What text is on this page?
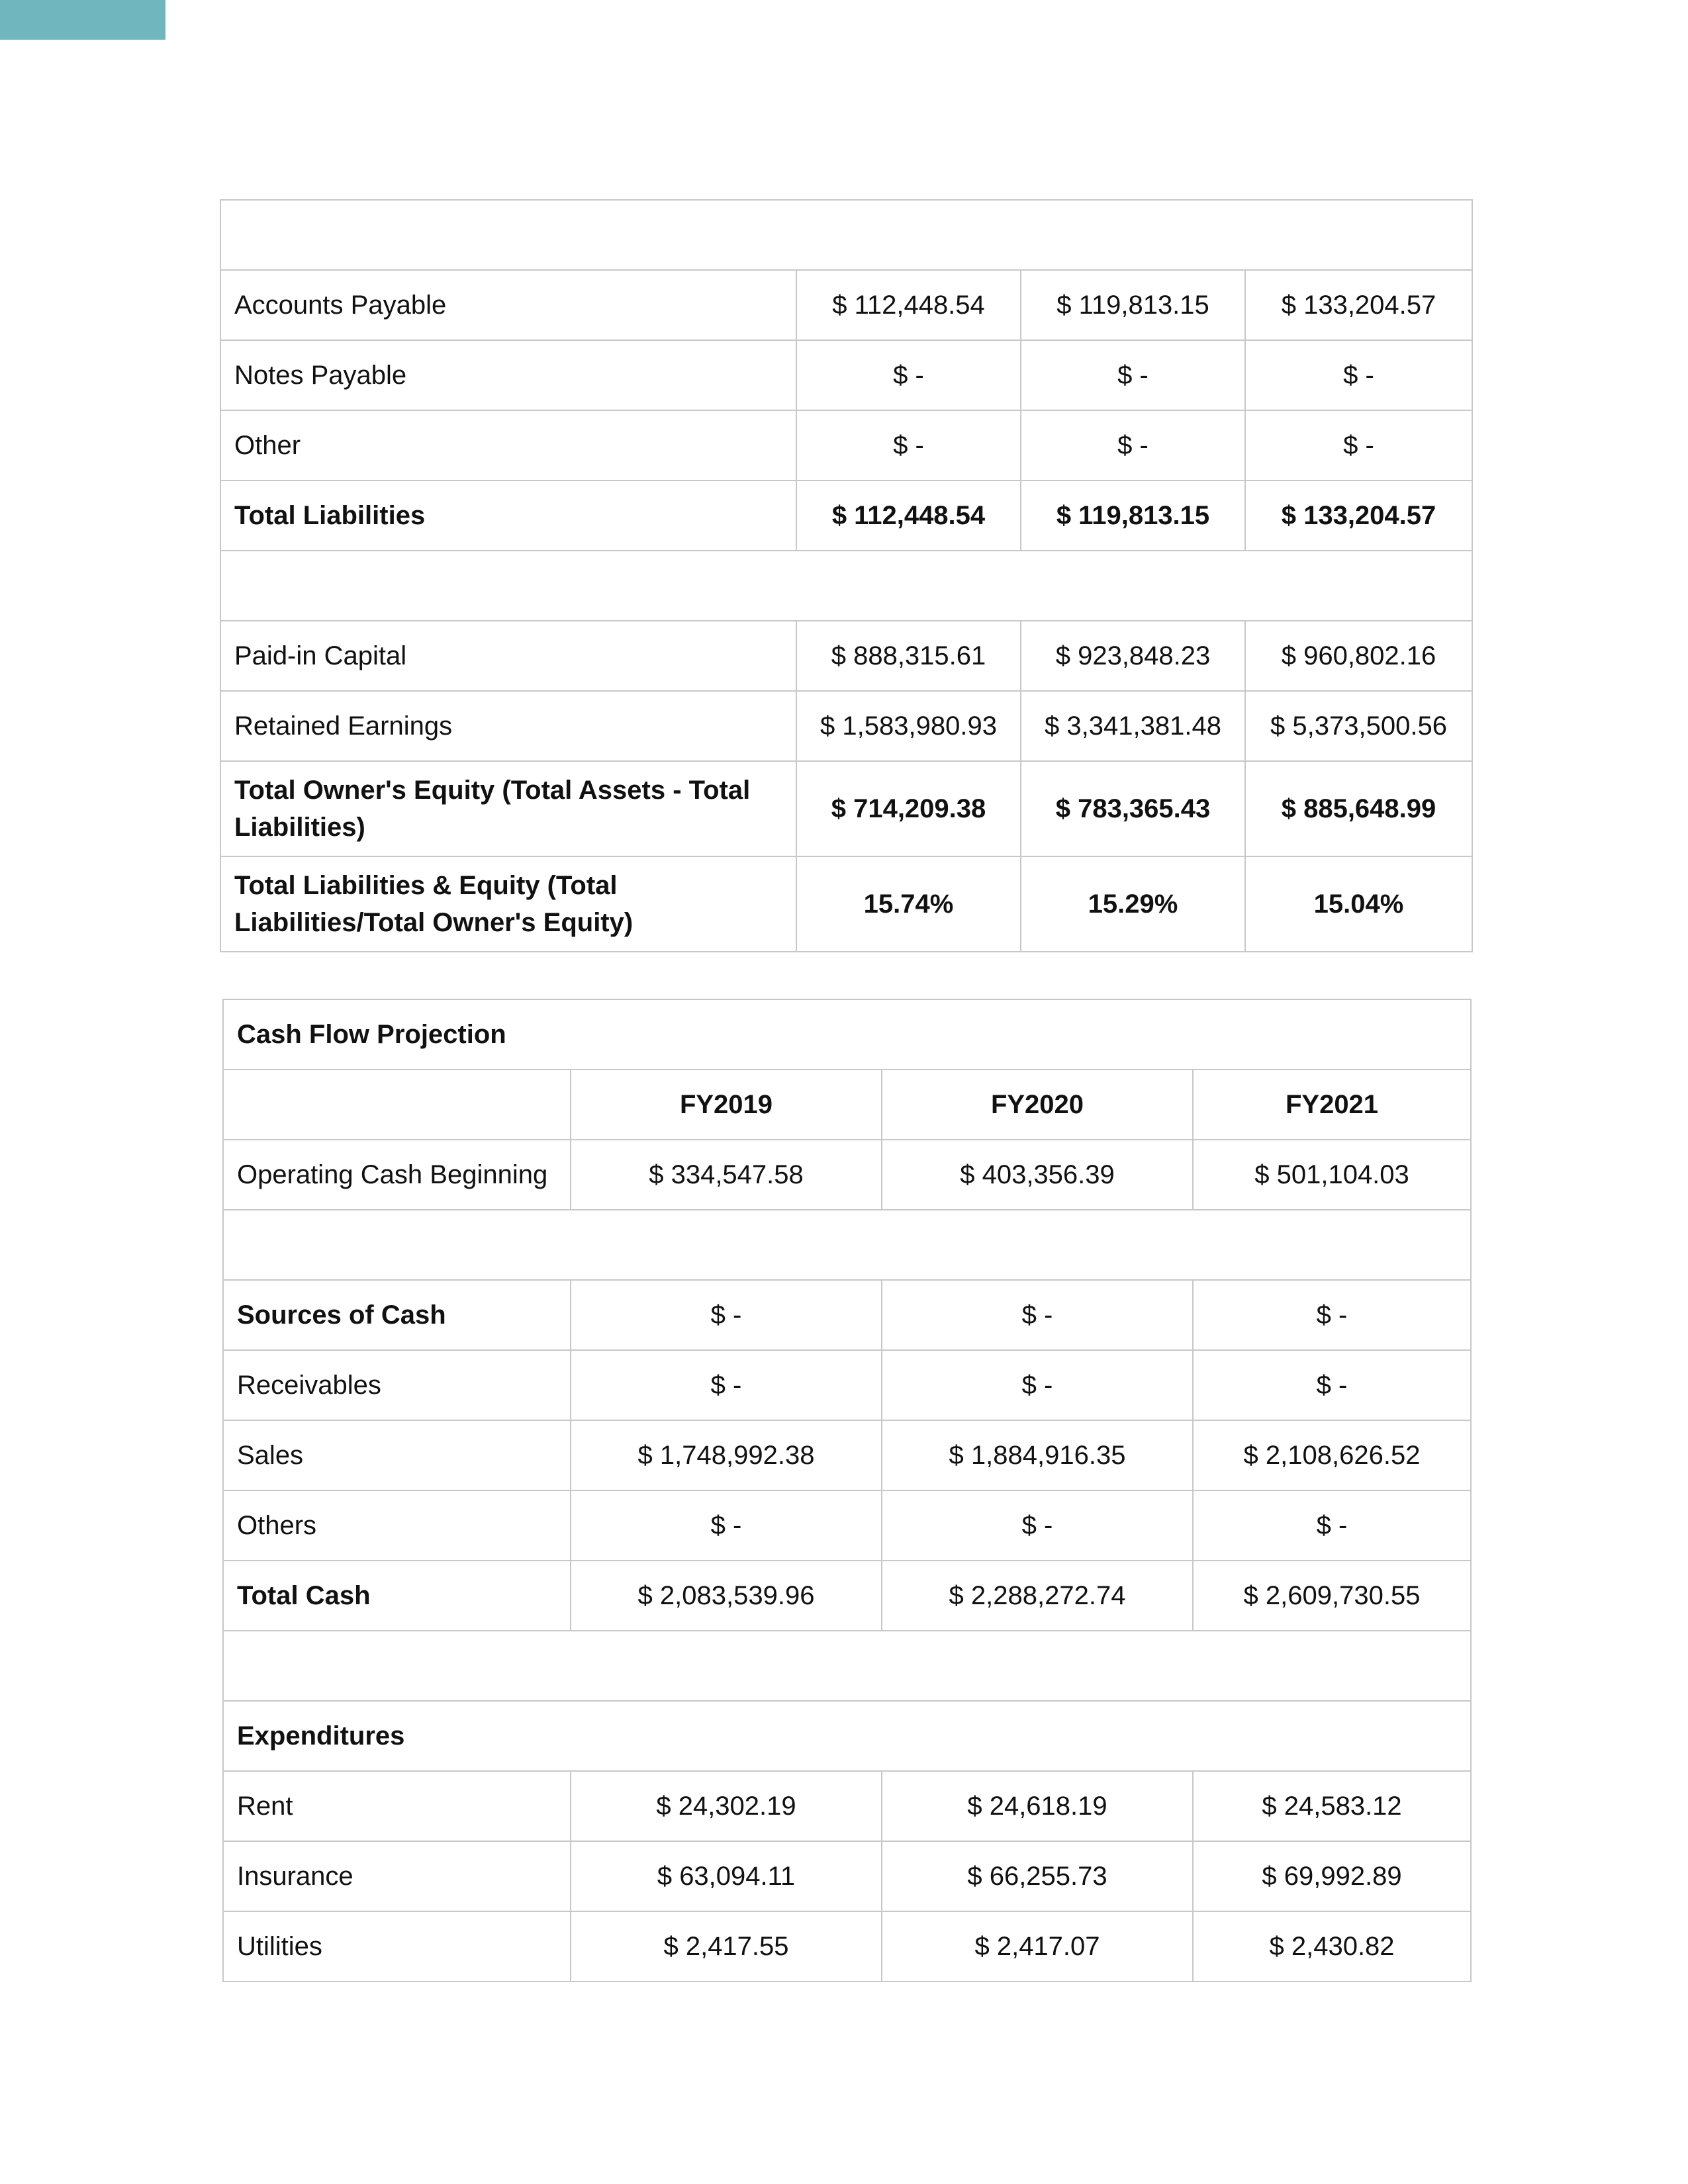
Accounts Payable	$ 112,448.54	$ 119,813.15	$ 133,204.57
Notes Payable	$ -	$ -	$ -
Other	$ -	$ -	$ -
Total Liabilities	$ 112,448.54	$ 119,813.15	$ 133,204.57

Paid-in Capital	$ 888,315.61	$ 923,848.23	$ 960,802.16
Retained Earnings	$ 1,583,980.93	$ 3,341,381.48	$ 5,373,500.56
Total Owner's Equity (Total Assets - Total Liabilities)	$ 714,209.38	$ 783,365.43	$ 885,648.99
Total Liabilities & Equity (Total Liabilities/Total Owner's Equity)	15.74%	15.29%	15.04%
Cash Flow Projection			
	FY2019	FY2020	FY2021
Operating Cash Beginning	$ 334,547.58	$ 403,356.39	$ 501,104.03

Sources of Cash	$ -	$ -	$ -
Receivables	$ -	$ -	$ -
Sales	$ 1,748,992.38	$ 1,884,916.35	$ 2,108,626.52
Others	$ -	$ -	$ -
Total Cash	$ 2,083,539.96	$ 2,288,272.74	$ 2,609,730.55

Expenditures			
Rent	$ 24,302.19	$ 24,618.19	$ 24,583.12
Insurance	$ 63,094.11	$ 66,255.73	$ 69,992.89
Utilities	$ 2,417.55	$ 2,417.07	$ 2,430.82
